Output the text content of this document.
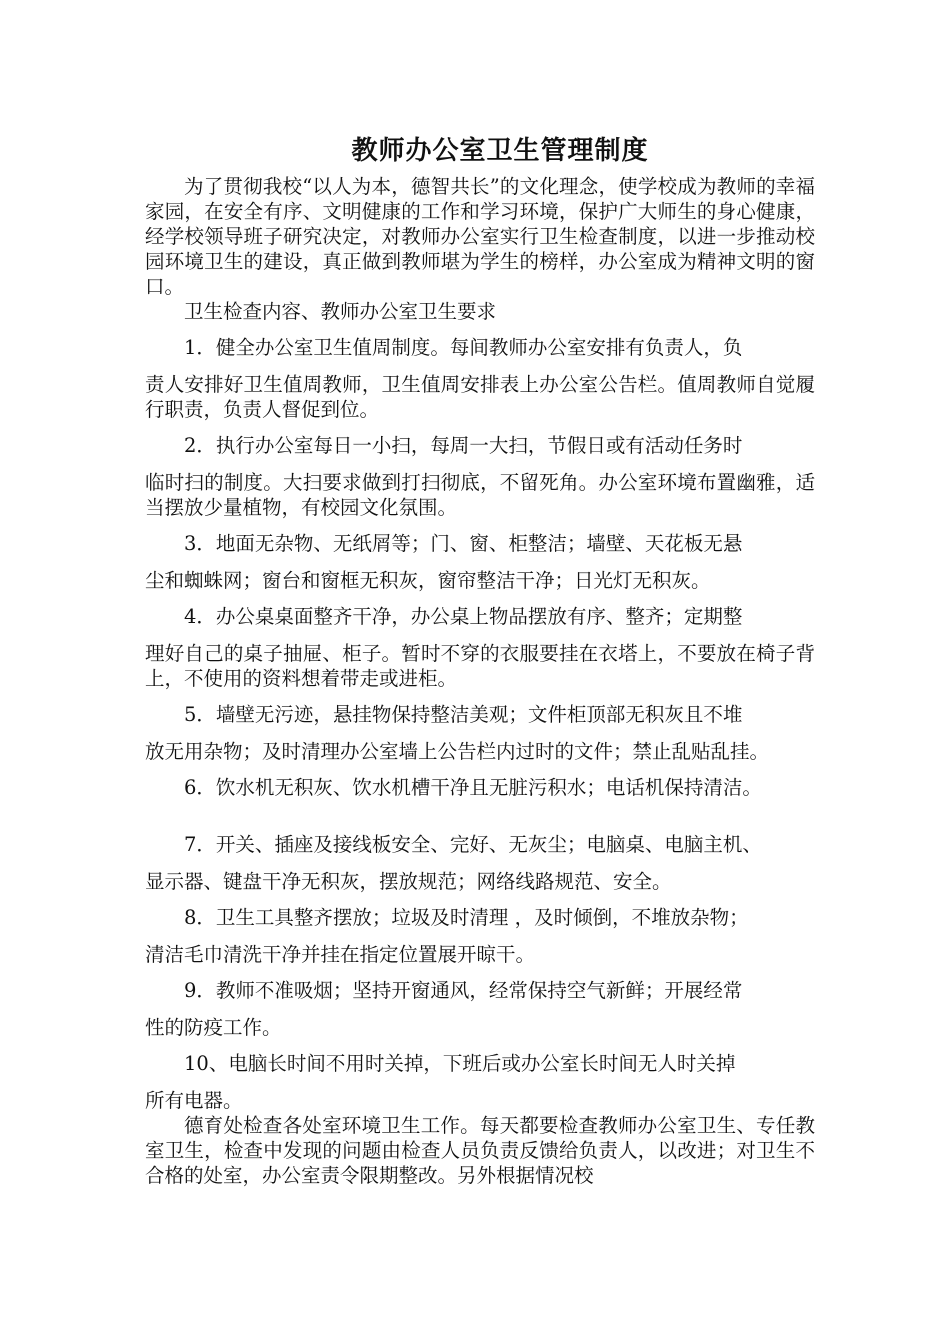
教师办公室卫生管理制度

为了贯彻我校“以人为本，德智共长”的文化理念，使学校成为教师的幸福家园，在安全有序、文明健康的工作和学习环境，保护广大师生的身心健康，经学校领导班子研究决定，对教师办公室实行卫生检查制度，以进一步推动校园环境卫生的建设，真正做到教师堪为学生的榜样，办公室成为精神文明的窗口。

卫生检查内容、教师办公室卫生要求

1．健全办公室卫生值周制度。每间教师办公室安排有负责人，负

责人安排好卫生值周教师，卫生值周安排表上办公室公告栏。值周教师自觉履行职责，负责人督促到位。

2．执行办公室每日一小扫，每周一大扫，节假日或有活动任务时

临时扫的制度。大扫要求做到打扫彻底，不留死角。办公室环境布置幽雅，适当摆放少量植物，有校园文化氛围。

3．地面无杂物、无纸屑等；门、窗、柜整洁；墙壁、天花板无悬

尘和蜘蛛网；窗台和窗框无积灰，窗帘整洁干净；日光灯无积灰。

4．办公桌桌面整齐干净，办公桌上物品摆放有序、整齐；定期整

理好自己的桌子抽屉、柜子。暂时不穿的衣服要挂在衣塔上，不要放在椅子背上，不使用的资料想着带走或进柜。

5．墙壁无污迹，悬挂物保持整洁美观；文件柜顶部无积灰且不堆

放无用杂物；及时清理办公室墙上公告栏内过时的文件；禁止乱贴乱挂。

6．饮水机无积灰、饮水机槽干净且无脏污积水；电话机保持清洁。

7．开关、插座及接线板安全、完好、无灰尘；电脑桌、电脑主机、

显示器、键盘干净无积灰，摆放规范；网络线路规范、安全。

8．卫生工具整齐摆放；垃圾及时清理 ，及时倾倒，不堆放杂物；

清洁毛巾清洗干净并挂在指定位置展开晾干。

9．教师不准吸烟；坚持开窗通风，经常保持空气新鲜；开展经常

性的防疫工作。

10、电脑长时间不用时关掉，下班后或办公室长时间无人时关掉

所有电器。

德育处检查各处室环境卫生工作。每天都要检查教师办公室卫生、专任教室卫生，检查中发现的问题由检查人员负责反馈给负责人，以改进；对卫生不合格的处室，办公室责令限期整改。另外根据情况校
